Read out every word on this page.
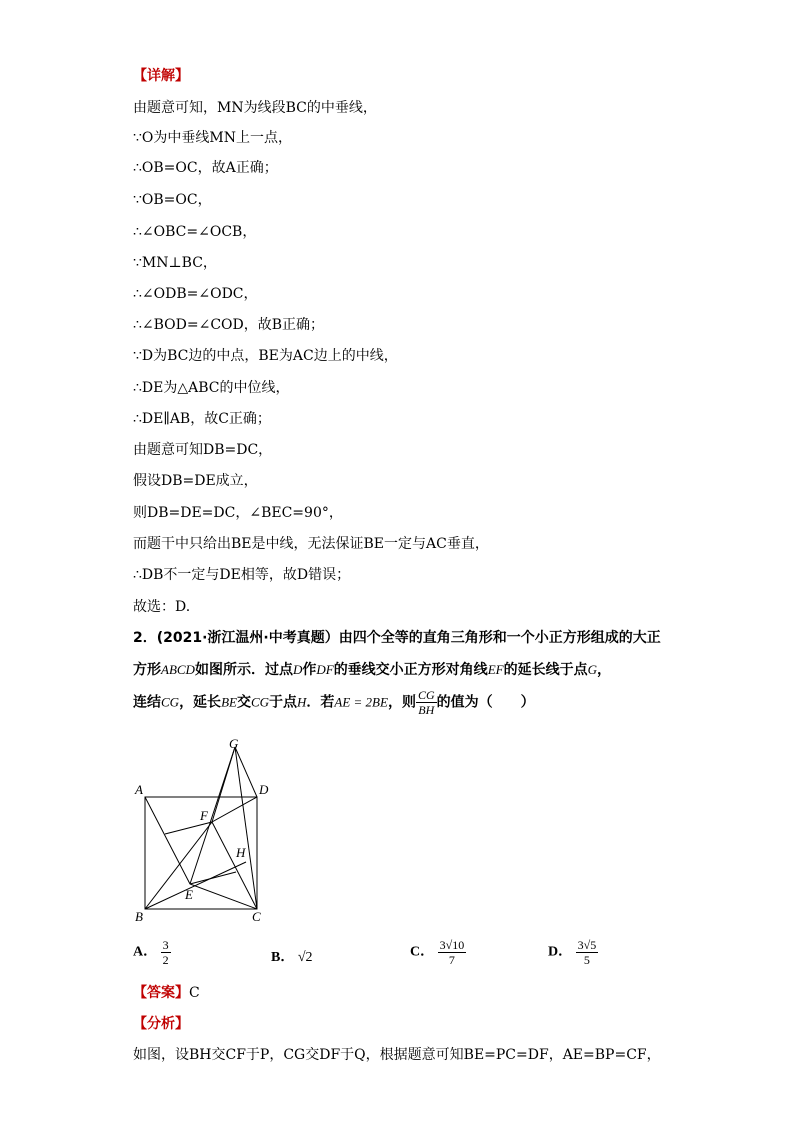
【详解】
由题意可知，MN为线段BC的中垂线，
∵O为中垂线MN上一点，
∴OB=OC，故A正确；
∵OB=OC，
∴∠OBC=∠OCB，
∵MN⊥BC，
∴∠ODB=∠ODC，
∴∠BOD=∠COD，故B正确；
∵D为BC边的中点，BE为AC边上的中线，
∴DE为△ABC的中位线，
∴DE∥AB，故C正确；
由题意可知DB=DC，
假设DB=DE成立，
则DB=DE=DC，∠BEC=90°，
而题干中只给出BE是中线，无法保证BE一定与AC垂直，
∴DB不一定与DE相等，故D错误；
故选：D.
2．(2021·浙江温州·中考真题）由四个全等的直角三角形和一个小正方形组成的大正
方形ABCD如图所示．过点D作DF的垂线交小正方形对角线EF的延长线于点G，
连结CG，延长BE交CG于点H．若AE = 2BE，则 $\frac{CG}{BH}$ 的值为（　　）
G
A	D
F
H
E
B	C
A． $\frac{3}{2}$	B． √2	C． $\frac{3√10}{7}$	D． $\frac{3√5}{5}$
【答案】C
【分析】
如图，设BH交CF于P，CG交DF于Q，根据题意可知BE=PC=DF，AE=BP=CF，
